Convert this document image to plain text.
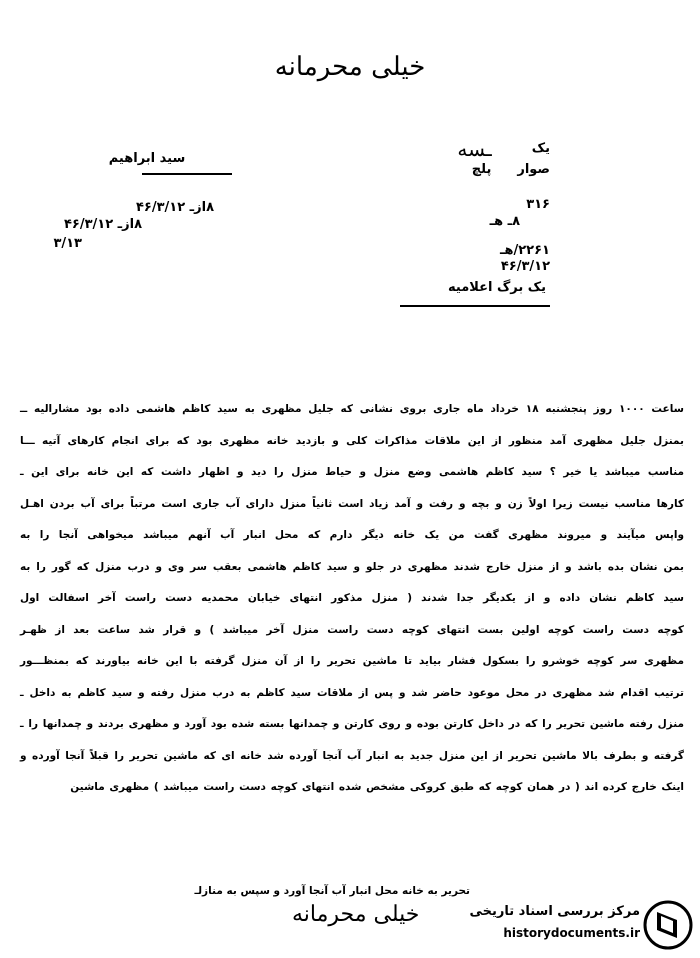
خیلی محرمانه
یک
ـسه
صوار
پلچ
۳۱۶
۸ـ هـ
۲۲۶۱/هـ
۴۶/۳/۱۲
یک برگ اعلامیه
سید ابراهیم
۸ازـ ۴۶/۳/۱۲
۸ازـ ۴۶/۳/۱۲
۳/۱۳

ساعت ۱۰۰۰ روز پنجشنبه ۱۸ خرداد ماه جاری بروی نشانی که جلیل مظهری به سید کاظم هاشمی داده بود مشارالیه ــ

بمنزل جلیل مظهری آمد منظور از این ملاقات مذاکرات کلی و بازدید خانه مظهری بود که برای انجام کارهای آتیه ـــا

مناسب میباشد یا خیر ؟ سید کاظم هاشمی وضع منزل و حیاط منزل را دید و اظهار داشت که این خانه برای این ـ

کارها مناسب نیست زیرا اولاً زن و بچه و رفت و آمد زیاد است ثانیاً منزل دارای آب جاری است مرتباً برای آب بردن اهـل

واپس میآیند و میروند مظهری گفت من یک خانه دیگر دارم که محل انبار آب آنهم میباشد میخواهی آنجا را به

بمن نشان بده باشد و از منزل خارج شدند مظهری در جلو و سید کاظم هاشمی بعقب سر وی و درب منزل که گور را به

سید کاظم نشان داده و از یکدیگر جدا شدند ( منزل مذکور انتهای خیابان محمدیه دست راست آخر اسفالت اول

کوچه دست راست کوچه اولین بست انتهای کوچه دست راست منزل آخر میباشد ) و قرار شد ساعت بعد از ظهـر

مظهری سر کوچه خوشرو را بسکول فشار بیاید تا ماشین تحریر را از آن منزل گرفته با این خانه بیاورند که بمنظـــور

ترتیب اقدام شد مظهری در محل موعود حاضر شد و پس از ملاقات سید کاظم به درب منزل رفته و سید کاظم به داخل ـ

منزل رفته ماشین تحریر را که در داخل کارتن بوده و روی کارتن و چمدانها بسته شده بود آورد و مظهری بردند و چمدانها را ـ

گرفته و بطرف بالا ماشین تحریر از این منزل جدید به انبار آب آنجا آورده شد خانه ای که ماشین تحریر را قبلاً آنجا آورده و

اینک خارج کرده اند ( در همان کوچه که طبق کروکی مشخص شده انتهای کوچه دست راست میباشد ) مظهری ماشین

تحریر به خانه محل انبار آب آنجا آورد و سپس به منازلـ
خیلی محرمانه	مرکز بررسی اسناد تاریخی
historydocuments.ir
